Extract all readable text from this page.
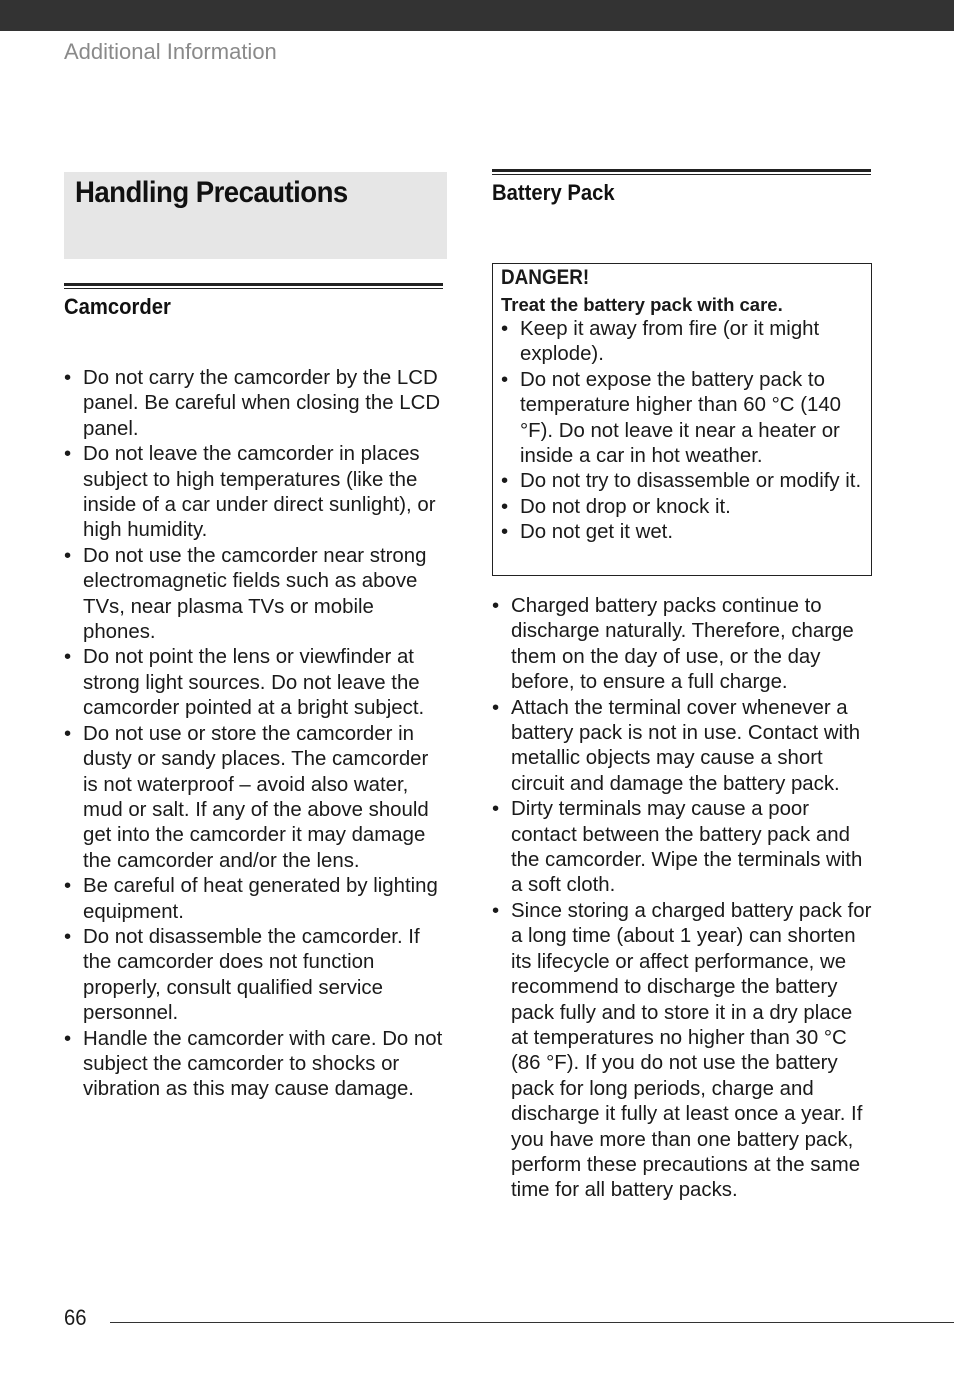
Additional Information
Handling Precautions
Camcorder
• Do not carry the camcorder by the LCD panel. Be careful when closing the LCD panel.
• Do not leave the camcorder in places subject to high temperatures (like the inside of a car under direct sunlight), or high humidity.
• Do not use the camcorder near strong electromagnetic fields such as above TVs, near plasma TVs or mobile phones.
• Do not point the lens or viewfinder at strong light sources. Do not leave the camcorder pointed at a bright subject.
• Do not use or store the camcorder in dusty or sandy places. The camcorder is not waterproof – avoid also water, mud or salt. If any of the above should get into the camcorder it may damage the camcorder and/or the lens.
• Be careful of heat generated by lighting equipment.
• Do not disassemble the camcorder. If the camcorder does not function properly, consult qualified service personnel.
• Handle the camcorder with care. Do not subject the camcorder to shocks or vibration as this may cause damage.
Battery Pack
DANGER!
Treat the battery pack with care.
• Keep it away from fire (or it might explode).
• Do not expose the battery pack to temperature higher than 60 °C (140 °F). Do not leave it near a heater or inside a car in hot weather.
• Do not try to disassemble or modify it.
• Do not drop or knock it.
• Do not get it wet.
• Charged battery packs continue to discharge naturally. Therefore, charge them on the day of use, or the day before, to ensure a full charge.
• Attach the terminal cover whenever a battery pack is not in use. Contact with metallic objects may cause a short circuit and damage the battery pack.
• Dirty terminals may cause a poor contact between the battery pack and the camcorder. Wipe the terminals with a soft cloth.
• Since storing a charged battery pack for a long time (about 1 year) can shorten its lifecycle or affect performance, we recommend to discharge the battery pack fully and to store it in a dry place at temperatures no higher than 30 °C (86 °F). If you do not use the battery pack for long periods, charge and discharge it fully at least once a year. If you have more than one battery pack, perform these precautions at the same time for all battery packs.
66
